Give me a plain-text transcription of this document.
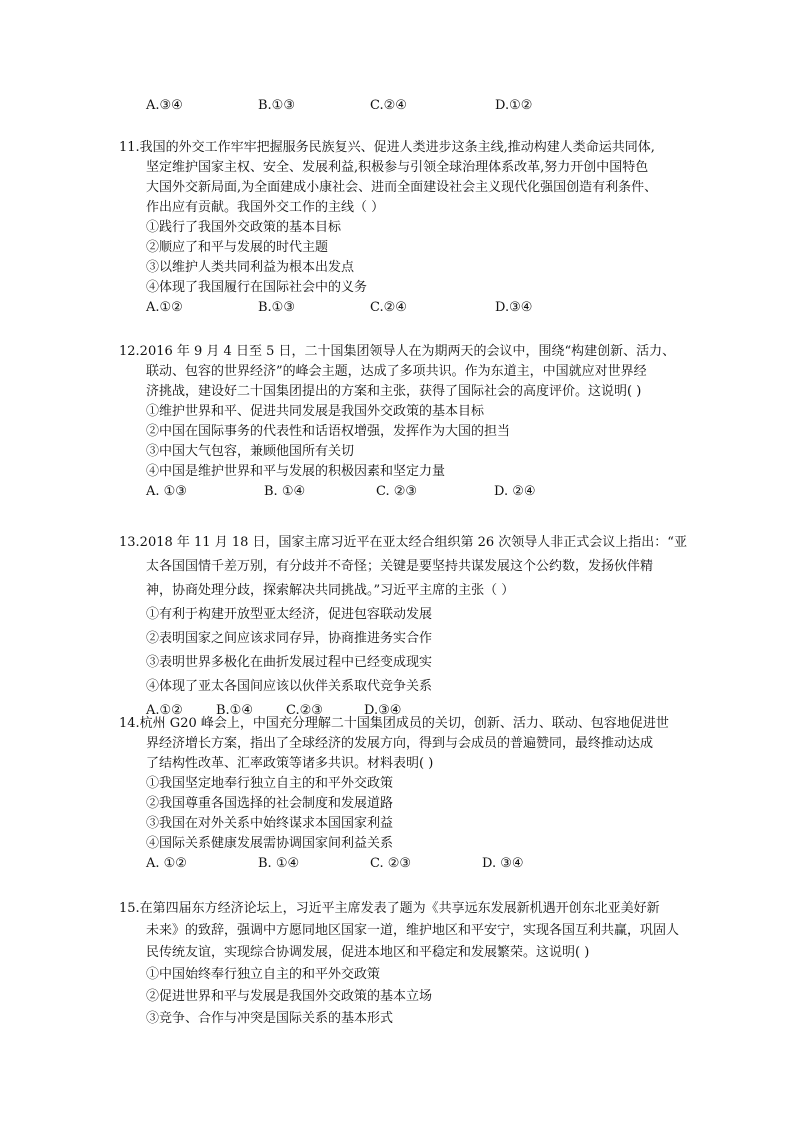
A.③④	B.①③	C.②④	D.①②
11.我国的外交工作牢牢把握服务民族复兴、促进人类进步这条主线,推动构建人类命运共同体,
坚定维护国家主权、安全、发展利益,积极参与引领全球治理体系改革,努力开创中国特色
大国外交新局面,为全面建成小康社会、进而全面建设社会主义现代化强国创造有利条件、
作出应有贡献。我国外交工作的主线（ ）
①践行了我国外交政策的基本目标
②顺应了和平与发展的时代主题
③以维护人类共同利益为根本出发点
④体现了我国履行在国际社会中的义务
A.①②	B.①③	C.②④	D.③④
12.2016 年 9 月 4 日至 5 日，二十国集团领导人在为期两天的会议中，围绕“构建创新、活力、
联动、包容的世界经济”的峰会主题，达成了多项共识。作为东道主，中国就应对世界经
济挑战，建设好二十国集团提出的方案和主张，获得了国际社会的高度评价。这说明( )
①维护世界和平、促进共同发展是我国外交政策的基本目标
②中国在国际事务的代表性和话语权增强，发挥作为大国的担当
③中国大气包容，兼顾他国所有关切
④中国是维护世界和平与发展的积极因素和坚定力量
A. ①③	B. ①④	C. ②③	D. ②④
13.2018 年 11 月 18 日，国家主席习近平在亚太经合组织第 26 次领导人非正式会议上指出：“亚
太各国国情千差万别，有分歧并不奇怪；关键是要坚持共谋发展这个公约数，发扬伙伴精
神，协商处理分歧，探索解决共同挑战。”习近平主席的主张（ ）
①有利于构建开放型亚太经济，促进包容联动发展
②表明国家之间应该求同存异，协商推进务实合作
③表明世界多极化在曲折发展过程中已经变成现实
④体现了亚太各国间应该以伙伴关系取代竞争关系
A.①②	B.①④	C.②③	D.③④
14.杭州 G20 峰会上，中国充分理解二十国集团成员的关切，创新、活力、联动、包容地促进世
界经济增长方案，指出了全球经济的发展方向，得到与会成员的普遍赞同，最终推动达成
了结构性改革、汇率政策等诸多共识。材料表明( )
①我国坚定地奉行独立自主的和平外交政策
②我国尊重各国选择的社会制度和发展道路
③我国在对外关系中始终谋求本国国家利益
④国际关系健康发展需协调国家间利益关系
A. ①②	B. ①④	C. ②③	D. ③④
15.在第四届东方经济论坛上，习近平主席发表了题为《共享远东发展新机遇开创东北亚美好新
未来》的致辞，强调中方愿同地区国家一道，维护地区和平安宁，实现各国互利共赢，巩固人
民传统友谊，实现综合协调发展，促进本地区和平稳定和发展繁荣。这说明( )
①中国始终奉行独立自主的和平外交政策
②促进世界和平与发展是我国外交政策的基本立场
③竞争、合作与冲突是国际关系的基本形式
